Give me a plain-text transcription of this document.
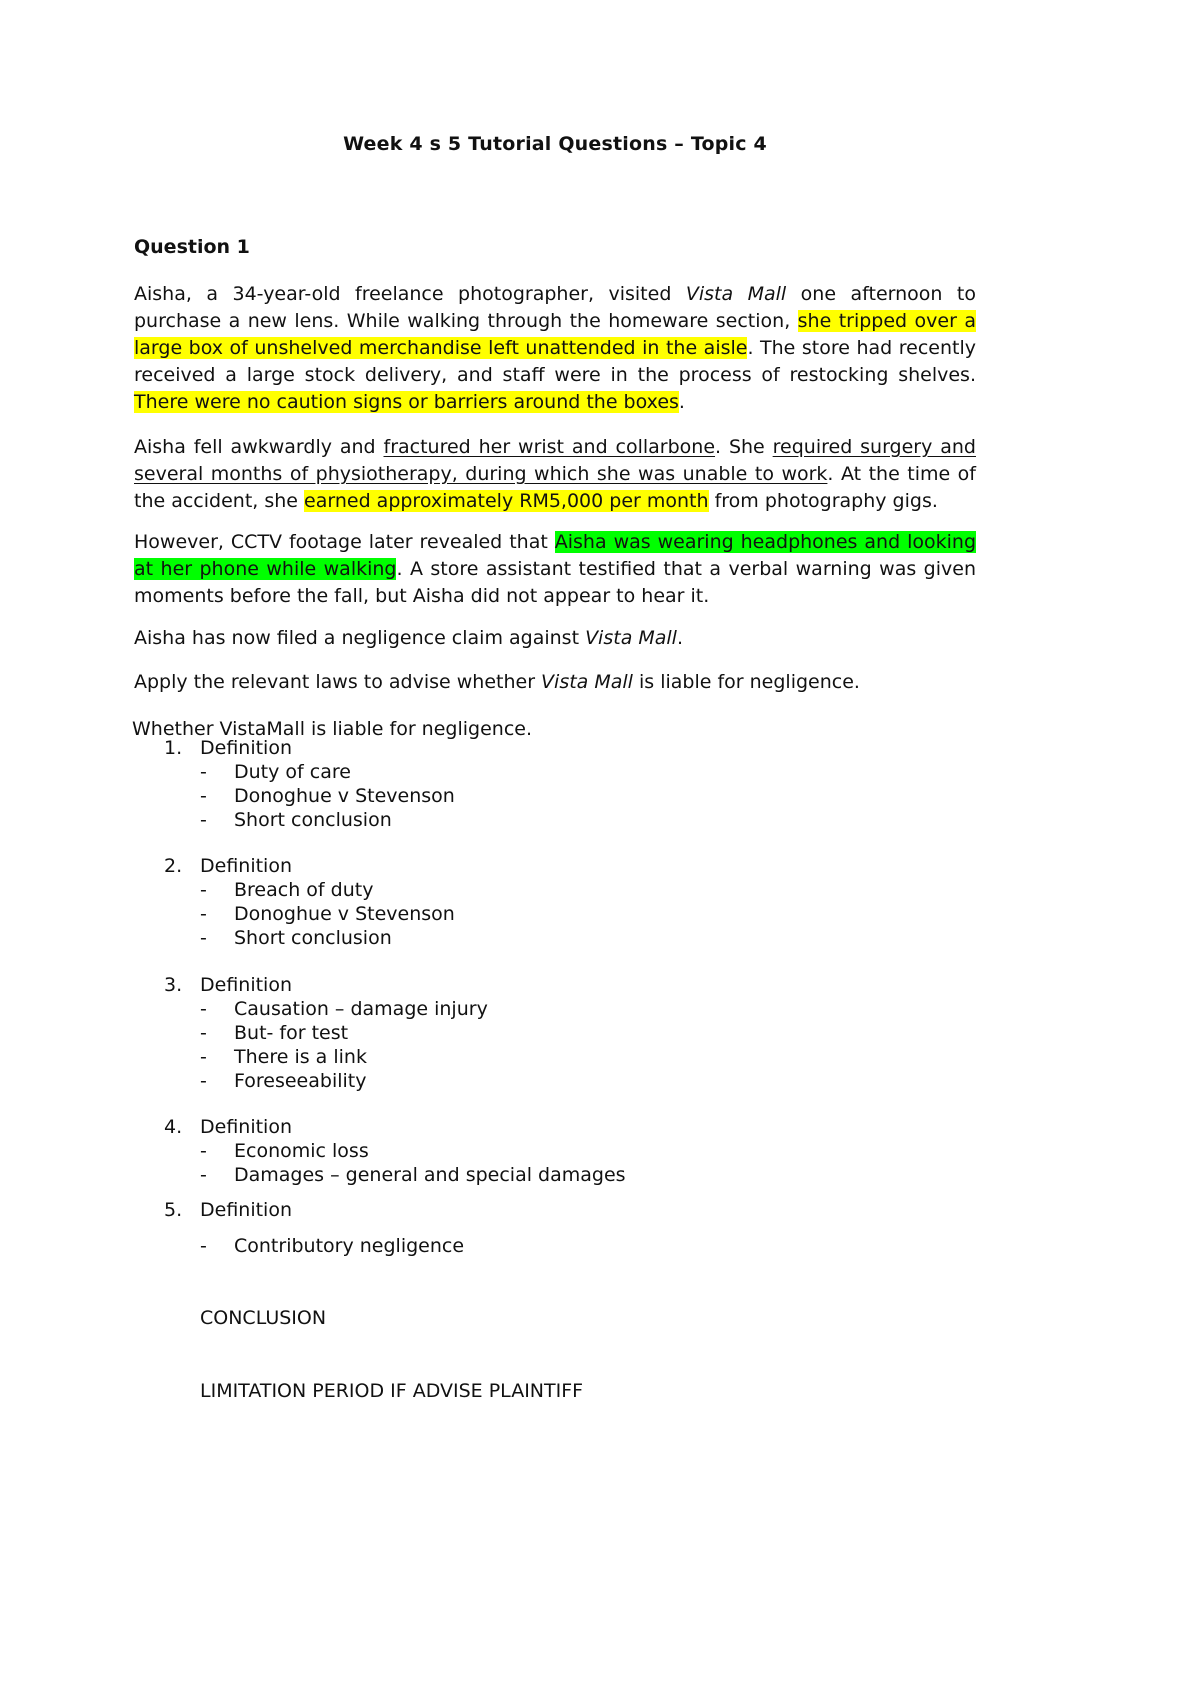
Week 4 s 5 Tutorial Questions – Topic 4
Question 1

Aisha, a 34-year-old freelance photographer, visited Vista Mall one afternoon to purchase a new lens. While walking through the homeware section, she tripped over a large box of unshelved merchandise left unattended in the aisle. The store had recently received a large stock delivery, and staff were in the process of restocking shelves. There were no caution signs or barriers around the boxes.

Aisha fell awkwardly and fractured her wrist and collarbone. She required surgery and several months of physiotherapy, during which she was unable to work. At the time of the accident, she earned approximately RM5,000 per month from photography gigs.

However, CCTV footage later revealed that Aisha was wearing headphones and looking at her phone while walking. A store assistant testified that a verbal warning was given moments before the fall, but Aisha did not appear to hear it.

Aisha has now filed a negligence claim against Vista Mall.

Apply the relevant laws to advise whether Vista Mall is liable for negligence.

Whether VistaMall is liable for negligence.

1. Definition
- Duty of care
- Donoghue v Stevenson
- Short conclusion
2. Definition
- Breach of duty
- Donoghue v Stevenson
- Short conclusion
3. Definition
- Causation – damage injury
- But- for test
- There is a link
- Foreseeability
4. Definition
- Economic loss
- Damages – general and special damages
5. Definition
- Contributory negligence
CONCLUSION
LIMITATION PERIOD IF ADVISE PLAINTIFF
